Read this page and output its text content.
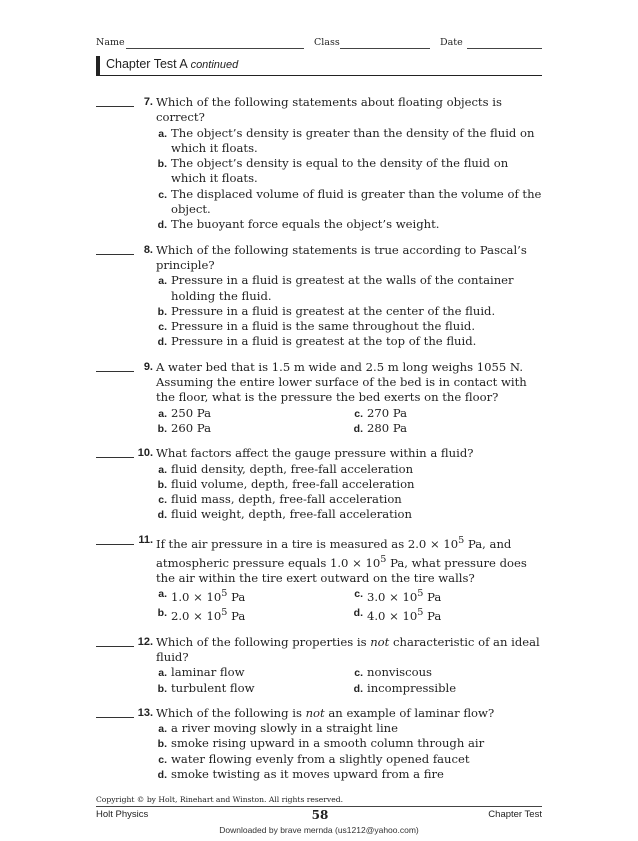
Name	Class	Date
Chapter Test A continued
7. Which of the following statements about floating objects is correct?
a. The object’s density is greater than the density of the fluid on which it floats.
b. The object’s density is equal to the density of the fluid on which it floats.
c. The displaced volume of fluid is greater than the volume of the object.
d. The buoyant force equals the object’s weight.
8. Which of the following statements is true according to Pascal’s principle?
a. Pressure in a fluid is greatest at the walls of the container holding the fluid.
b. Pressure in a fluid is greatest at the center of the fluid.
c. Pressure in a fluid is the same throughout the fluid.
d. Pressure in a fluid is greatest at the top of the fluid.
9. A water bed that is 1.5 m wide and 2.5 m long weighs 1055 N. Assuming the entire lower surface of the bed is in contact with the floor, what is the pressure the bed exerts on the floor?
a. 250 Pa	c. 270 Pa
b. 260 Pa	d. 280 Pa
10. What factors affect the gauge pressure within a fluid?
a. fluid density, depth, free-fall acceleration
b. fluid volume, depth, free-fall acceleration
c. fluid mass, depth, free-fall acceleration
d. fluid weight, depth, free-fall acceleration
11. If the air pressure in a tire is measured as $2.0 \times 10^5$ Pa, and atmospheric pressure equals $1.0 \times 10^5$ Pa, what pressure does the air within the tire exert outward on the tire walls?
a. $1.0 \times 10^5$ Pa	c. $3.0 \times 10^5$ Pa
b. $2.0 \times 10^5$ Pa	d. $4.0 \times 10^5$ Pa
12. Which of the following properties is not characteristic of an ideal fluid?
a. laminar flow	c. nonviscous
b. turbulent flow	d. incompressible
13. Which of the following is not an example of laminar flow?
a. a river moving slowly in a straight line
b. smoke rising upward in a smooth column through air
c. water flowing evenly from a slightly opened faucet
d. smoke twisting as it moves upward from a fire
Copyright © by Holt, Rinehart and Winston. All rights reserved.
Holt Physics	58	Chapter Test
Downloaded by brave mernda (us1212@yahoo.com)
